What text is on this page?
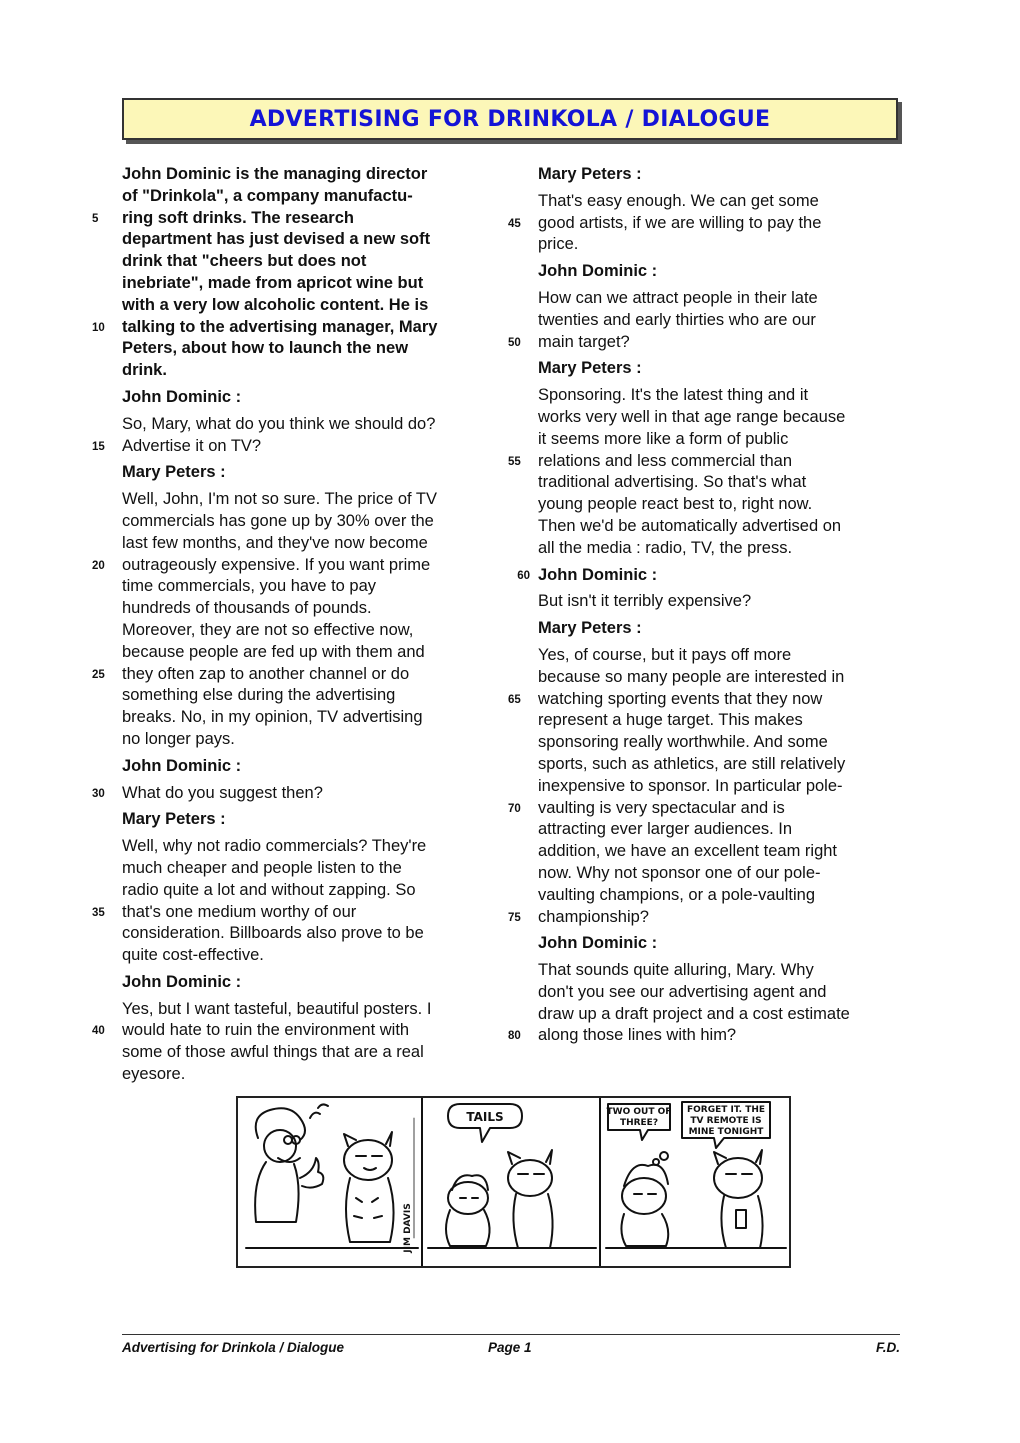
ADVERTISING FOR DRINKOLA / DIALOGUE
John Dominic is the managing director
of "Drinkola", a company manufactu-
5	ring soft drinks. The research
department has just devised a new soft
drink that "cheers but does not
inebriate", made from apricot wine but
with a very low alcoholic content. He is
10	talking to the advertising manager, Mary
Peters, about how to launch the new
drink.
John Dominic :
So, Mary, what do you think we should do?
15	Advertise it on TV?
Mary Peters :
Well, John, I'm not so sure. The price of TV
commercials has gone up by 30% over the
last few months, and they've now become
20	outrageously expensive. If you want prime
time commercials, you have to pay
hundreds of thousands of pounds.
Moreover, they are not so effective now,
because people are fed up with them and
25	they often zap to another channel or do
something else during the advertising
breaks. No, in my opinion, TV advertising
no longer pays.
John Dominic :
30	What do you suggest then?
Mary Peters :
Well, why not radio commercials? They're
much cheaper and people listen to the
radio quite a lot and without zapping. So
35	that's one medium worthy of our
consideration. Billboards also prove to be
quite cost-effective.
John Dominic :
Yes, but I want tasteful, beautiful posters. I
40	would hate to ruin the environment with
some of those awful things that are a real
eyesore.
Mary Peters :
That's easy enough. We can get some
45	good artists, if we are willing to pay the
price.
John Dominic :
How can we attract people in their late
twenties and early thirties who are our
50	main target?
Mary Peters :
Sponsoring. It's the latest thing and it
works very well in that age range because
it seems more like a form of public
55	relations and less commercial than
traditional advertising. So that's what
young people react best to, right now.
Then we'd be automatically advertised on
all the media : radio, TV, the press.
60 John Dominic :
But isn't it terribly expensive?
Mary Peters :
Yes, of course, but it pays off more
because so many people are interested in
65	watching sporting events that they now
represent a huge target. This makes
sponsoring really worthwhile. And some
sports, such as athletics, are still relatively
inexpensive to sponsor. In particular pole-
70	vaulting is very spectacular and is
attracting ever larger audiences. In
addition, we have an excellent team right
now. Why not sponsor one of our pole-
vaulting champions, or a pole-vaulting
75	championship?
John Dominic :
That sounds quite alluring, Mary. Why
don't you see our advertising agent and
draw up a draft project and a cost estimate
80	along those lines with him?
TAILS	TWO OUT OF
THREE?
FORGET IT. THE
TV REMOTE IS
MINE TONIGHT
JIM DAVIS
Advertising for Drinkola / Dialogue	Page 1	F.D.
